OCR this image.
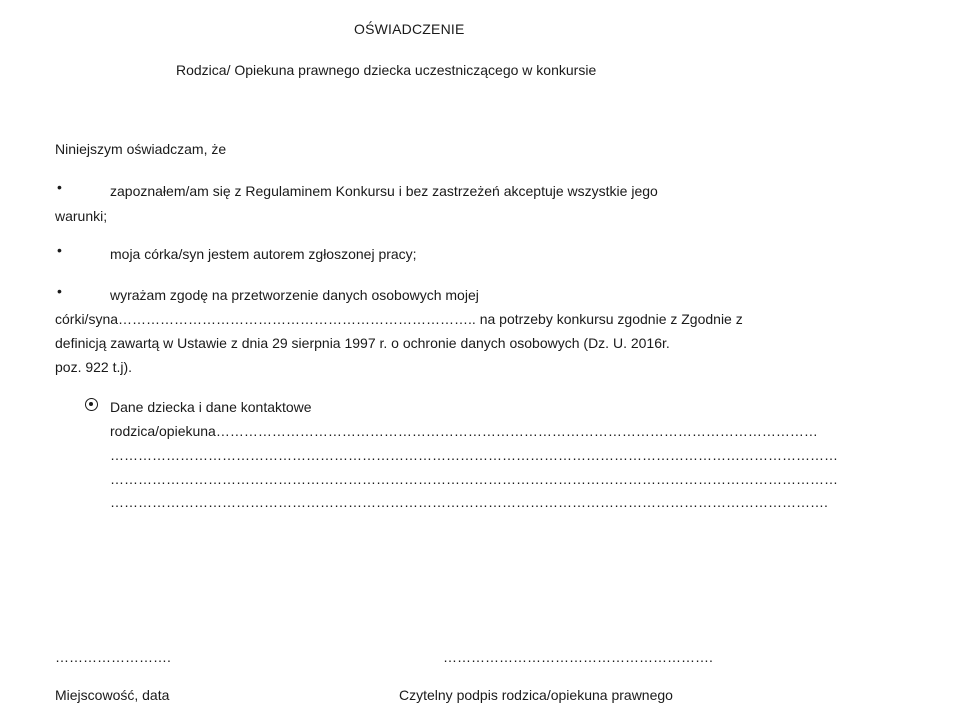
OŚWIADCZENIE
Rodzica/ Opiekuna prawnego dziecka uczestniczącego w konkursie
Niniejszym oświadczam, że
•	zapoznałem/am się z Regulaminem Konkursu i bez zastrzeżeń akceptuje wszystkie jego
warunki;
•	moja córka/syn jestem autorem zgłoszonej pracy;
•	wyrażam zgodę na przetworzenie danych osobowych mojej
córki/syna………………………………………………………………….. na potrzeby konkursu zgodnie z Zgodnie z
definicją zawartą w Ustawie z dnia 29 sierpnia 1997 r. o ochronie danych osobowych (Dz. U. 2016r.
poz. 922 t.j).
Dane dziecka i dane kontaktowe
rodzica/opiekuna…………………………………………………………………………………………………………………
…………………………………………………………………………………………………………………………………………
…………………………………………………………………………………………………………………………………………
……………………………………………………………………………………………………………………………………….
…………………….	………………………………………………….
Miejscowość, data	Czytelny podpis rodzica/opiekuna prawnego
